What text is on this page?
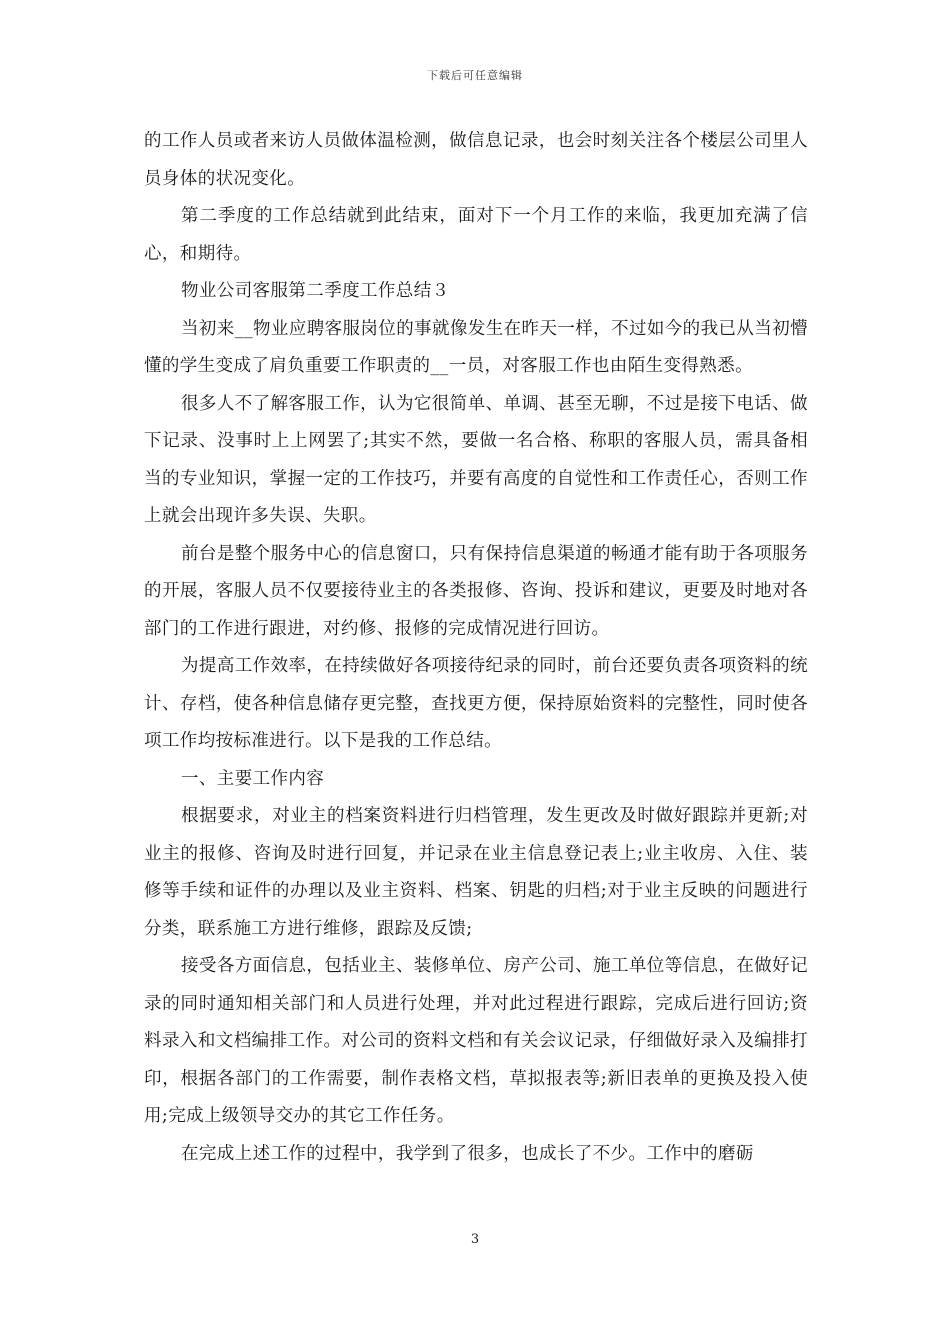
下载后可任意编辑

的工作人员或者来访人员做体温检测，做信息记录，也会时刻关注各个楼层公司里人员身体的状况变化。

第二季度的工作总结就到此结束，面对下一个月工作的来临，我更加充满了信心，和期待。

物业公司客服第二季度工作总结３

当初来__物业应聘客服岗位的事就像发生在昨天一样，不过如今的我已从当初懵懂的学生变成了肩负重要工作职责的__一员，对客服工作也由陌生变得熟悉。

很多人不了解客服工作，认为它很简单、单调、甚至无聊，不过是接下电话、做下记录、没事时上上网罢了;其实不然，要做一名合格、称职的客服人员，需具备相当的专业知识，掌握一定的工作技巧，并要有高度的自觉性和工作责任心，否则工作上就会出现许多失误、失职。

前台是整个服务中心的信息窗口，只有保持信息渠道的畅通才能有助于各项服务的开展，客服人员不仅要接待业主的各类报修、咨询、投诉和建议，更要及时地对各部门的工作进行跟进，对约修、报修的完成情况进行回访。

为提高工作效率，在持续做好各项接待纪录的同时，前台还要负责各项资料的统计、存档，使各种信息储存更完整，查找更方便，保持原始资料的完整性，同时使各项工作均按标准进行。以下是我的工作总结。

一、主要工作内容

根据要求，对业主的档案资料进行归档管理，发生更改及时做好跟踪并更新;对业主的报修、咨询及时进行回复，并记录在业主信息登记表上;业主收房、入住、装修等手续和证件的办理以及业主资料、档案、钥匙的归档;对于业主反映的问题进行分类，联系施工方进行维修，跟踪及反馈;

接受各方面信息，包括业主、装修单位、房产公司、施工单位等信息，在做好记录的同时通知相关部门和人员进行处理，并对此过程进行跟踪，完成后进行回访;资料录入和文档编排工作。对公司的资料文档和有关会议记录，仔细做好录入及编排打印，根据各部门的工作需要，制作表格文档，草拟报表等;新旧表单的更换及投入使用;完成上级领导交办的其它工作任务。

在完成上述工作的过程中，我学到了很多，也成长了不少。工作中的磨砺

3
